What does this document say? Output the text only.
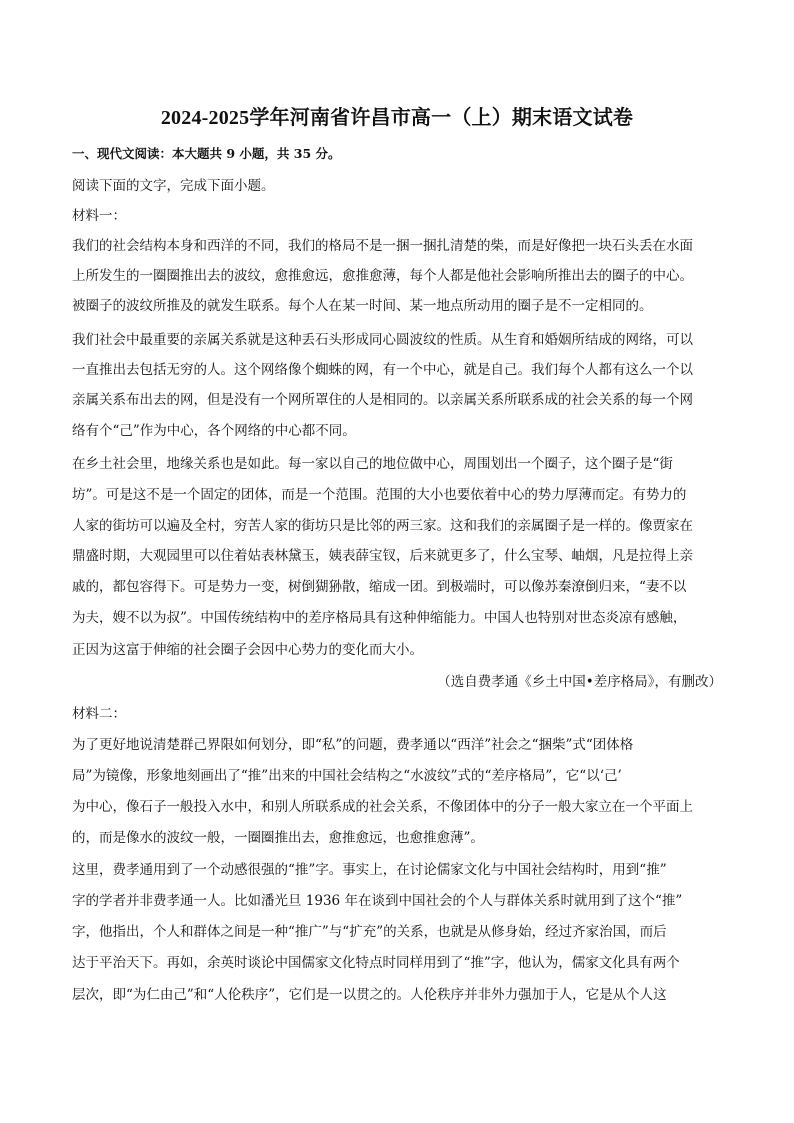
2024-2025学年河南省许昌市高一（上）期末语文试卷
一、现代文阅读：本大题共 9 小题，共 35 分。
阅读下面的文字，完成下面小题。
材料一：
我们的社会结构本身和西洋的不同，我们的格局不是一捆一捆扎清楚的柴，而是好像把一块石头丢在水面
上所发生的一圈圈推出去的波纹，愈推愈远，愈推愈薄，每个人都是他社会影响所推出去的圈子的中心。
被圈子的波纹所推及的就发生联系。每个人在某一时间、某一地点所动用的圈子是不一定相同的。
我们社会中最重要的亲属关系就是这种丢石头形成同心圆波纹的性质。从生育和婚姻所结成的网络，可以
一直推出去包括无穷的人。这个网络像个蜘蛛的网，有一个中心，就是自己。我们每个人都有这么一个以
亲属关系布出去的网，但是没有一个网所罩住的人是相同的。以亲属关系所联系成的社会关系的每一个网
络有个“己”作为中心，各个网络的中心都不同。
在乡土社会里，地缘关系也是如此。每一家以自己的地位做中心，周围划出一个圈子，这个圈子是“街
坊”。可是这不是一个固定的团体，而是一个范围。范围的大小也要依着中心的势力厚薄而定。有势力的
人家的街坊可以遍及全村，穷苦人家的街坊只是比邻的两三家。这和我们的亲属圈子是一样的。像贾家在
鼎盛时期，大观园里可以住着姑表林黛玉，姨表薛宝钗，后来就更多了，什么宝琴、岫烟，凡是拉得上亲
戚的，都包容得下。可是势力一变，树倒猢狲散，缩成一团。到极端时，可以像苏秦潦倒归来，“妻不以
为夫，嫂不以为叔”。中国传统结构中的差序格局具有这种伸缩能力。中国人也特别对世态炎凉有感触，
正因为这富于伸缩的社会圈子会因中心势力的变化而大小。
（选自费孝通《乡土中国•差序格局》，有删改）
材料二：
为了更好地说清楚群己界限如何划分，即“私”的问题，费孝通以“西洋”社会之“捆柴”式“团体格
局”为镜像，形象地刻画出了“推”出来的中国社会结构之“水波纹”式的“差序格局”，它“以‘己’
为中心，像石子一般投入水中，和别人所联系成的社会关系，不像团体中的分子一般大家立在一个平面上
的，而是像水的波纹一般，一圈圈推出去，愈推愈远，也愈推愈薄”。
这里，费孝通用到了一个动感很强的“推”字。事实上，在讨论儒家文化与中国社会结构时，用到“推”
字的学者并非费孝通一人。比如潘光旦 1936 年在谈到中国社会的个人与群体关系时就用到了这个“推”
字，他指出，个人和群体之间是一种“推广”与“扩充”的关系，也就是从修身始，经过齐家治国，而后
达于平治天下。再如，余英时谈论中国儒家文化特点时同样用到了“推”字，他认为，儒家文化具有两个
层次，即“为仁由己”和“人伦秩序”，它们是一以贯之的。人伦秩序并非外力强加于人，它是从个人这
